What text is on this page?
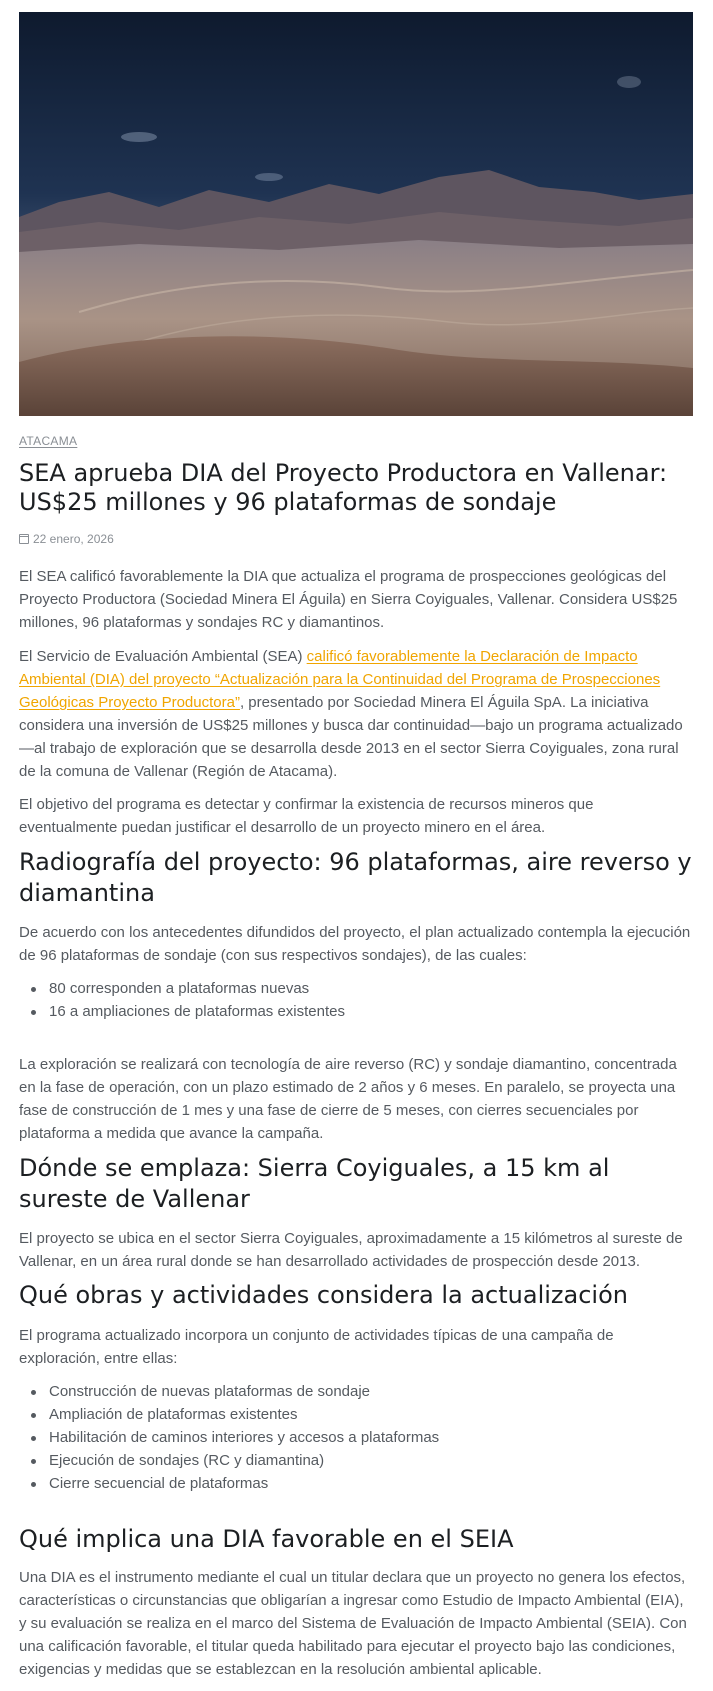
ATACAMA
SEA aprueba DIA del Proyecto Productora en Vallenar: US$25 millones y 96 plataformas de sondaje
22 enero, 2026

El SEA calificó favorablemente la DIA que actualiza el programa de prospecciones geológicas del Proyecto Productora (Sociedad Minera El Águila) en Sierra Coyiguales, Vallenar. Considera US$25 millones, 96 plataformas y sondajes RC y diamantinos.

El Servicio de Evaluación Ambiental (SEA) calificó favorablemente la Declaración de Impacto Ambiental (DIA) del proyecto “Actualización para la Continuidad del Programa de Prospecciones Geológicas Proyecto Productora”, presentado por Sociedad Minera El Águila SpA. La iniciativa considera una inversión de US$25 millones y busca dar continuidad—bajo un programa actualizado—al trabajo de exploración que se desarrolla desde 2013 en el sector Sierra Coyiguales, zona rural de la comuna de Vallenar (Región de Atacama).

El objetivo del programa es detectar y confirmar la existencia de recursos mineros que eventualmente puedan justificar el desarrollo de un proyecto minero en el área.

Radiografía del proyecto: 96 plataformas, aire reverso y diamantina

De acuerdo con los antecedentes difundidos del proyecto, el plan actualizado contempla la ejecución de 96 plataformas de sondaje (con sus respectivos sondajes), de las cuales:

80 corresponden a plataformas nuevas
16 a ampliaciones de plataformas existentes

La exploración se realizará con tecnología de aire reverso (RC) y sondaje diamantino, concentrada en la fase de operación, con un plazo estimado de 2 años y 6 meses. En paralelo, se proyecta una fase de construcción de 1 mes y una fase de cierre de 5 meses, con cierres secuenciales por plataforma a medida que avance la campaña.

Dónde se emplaza: Sierra Coyiguales, a 15 km al sureste de Vallenar

El proyecto se ubica en el sector Sierra Coyiguales, aproximadamente a 15 kilómetros al sureste de Vallenar, en un área rural donde se han desarrollado actividades de prospección desde 2013.

Qué obras y actividades considera la actualización

El programa actualizado incorpora un conjunto de actividades típicas de una campaña de exploración, entre ellas:

Construcción de nuevas plataformas de sondaje
Ampliación de plataformas existentes
Habilitación de caminos interiores y accesos a plataformas
Ejecución de sondajes (RC y diamantina)
Cierre secuencial de plataformas
Qué implica una DIA favorable en el SEIA

Una DIA es el instrumento mediante el cual un titular declara que un proyecto no genera los efectos, características o circunstancias que obligarían a ingresar como Estudio de Impacto Ambiental (EIA), y su evaluación se realiza en el marco del Sistema de Evaluación de Impacto Ambiental (SEIA). Con una calificación favorable, el titular queda habilitado para ejecutar el proyecto bajo las condiciones, exigencias y medidas que se establezcan en la resolución ambiental aplicable.
